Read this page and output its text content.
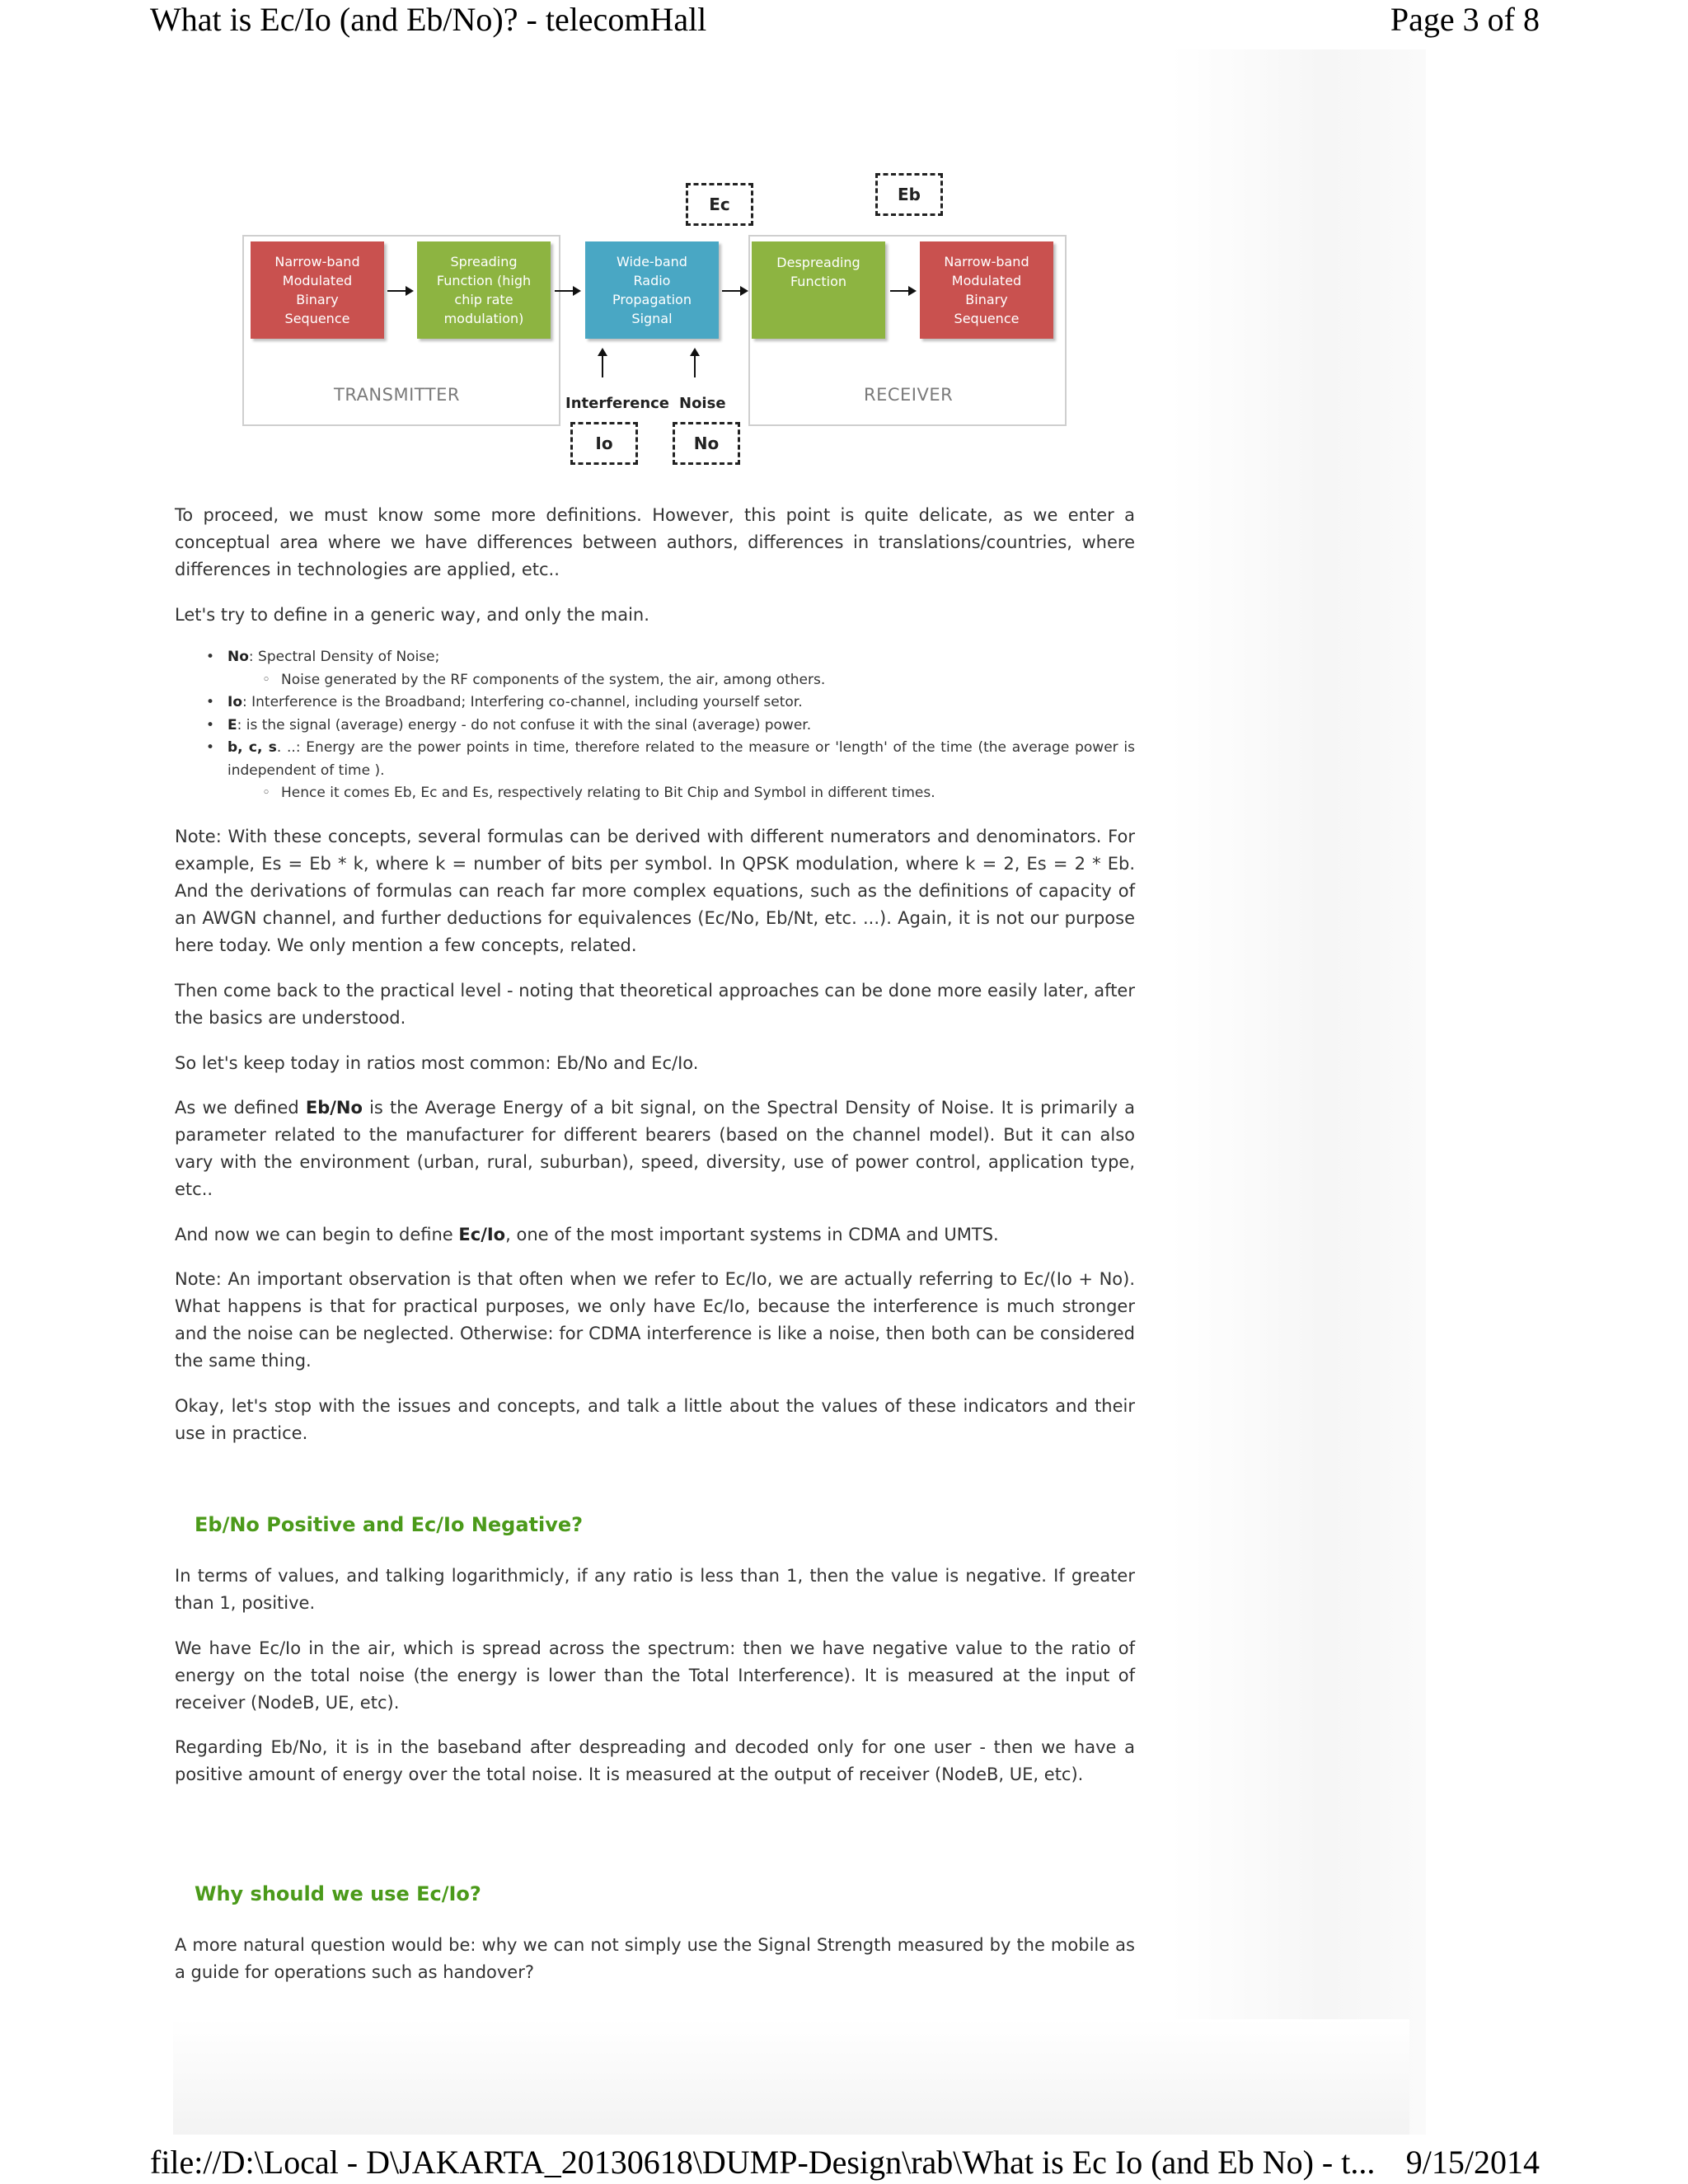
What is Ec/Io (and Eb/No)? - telecomHall	Page 3 of 8
TRANSMITTER	RECEIVER
Narrow-band
Modulated
Binary
Sequence
Spreading
Function (high
chip rate
modulation)
Wide-band
Radio
Propagation
Signal
Despreading
Function
Narrow-band
Modulated
Binary
Sequence
Interference Noise
Ec	Eb
Io	No

To proceed, we must know some more definitions. However, this point is quite delicate, as we enter a conceptual area where we have differences between authors, differences in translations/countries, where differences in technologies are applied, etc..

Let's try to define in a generic way, and only the main.

• No: Spectral Density of Noise;
◦ Noise generated by the RF components of the system, the air, among others.
• Io: Interference is the Broadband; Interfering co-channel, including yourself setor.
• E: is the signal (average) energy - do not confuse it with the sinal (average) power.
• b, c, s. ..: Energy are the power points in time, therefore related to the measure or 'length' of the time (the average power is independent of time ).
◦ Hence it comes Eb, Ec and Es, respectively relating to Bit Chip and Symbol in different times.

Note: With these concepts, several formulas can be derived with different numerators and denominators. For example, Es = Eb * k, where k = number of bits per symbol. In QPSK modulation, where k = 2, Es = 2 * Eb. And the derivations of formulas can reach far more complex equations, such as the definitions of capacity of an AWGN channel, and further deductions for equivalences (Ec/No, Eb/Nt, etc. ...). Again, it is not our purpose here today. We only mention a few concepts, related.

Then come back to the practical level - noting that theoretical approaches can be done more easily later, after the basics are understood.

So let's keep today in ratios most common: Eb/No and Ec/Io.

As we defined Eb/No is the Average Energy of a bit signal, on the Spectral Density of Noise. It is primarily a parameter related to the manufacturer for different bearers (based on the channel model). But it can also vary with the environment (urban, rural, suburban), speed, diversity, use of power control, application type, etc..

And now we can begin to define Ec/Io, one of the most important systems in CDMA and UMTS.

Note: An important observation is that often when we refer to Ec/Io, we are actually referring to Ec/(Io + No). What happens is that for practical purposes, we only have Ec/Io, because the interference is much stronger and the noise can be neglected. Otherwise: for CDMA interference is like a noise, then both can be considered the same thing.

Okay, let's stop with the issues and concepts, and talk a little about the values of these indicators and their use in practice.

Eb/No Positive and Ec/Io Negative?

In terms of values, and talking logarithmicly, if any ratio is less than 1, then the value is negative. If greater than 1, positive.

We have Ec/Io in the air, which is spread across the spectrum: then we have negative value to the ratio of energy on the total noise (the energy is lower than the Total Interference). It is measured at the input of receiver (NodeB, UE, etc).

Regarding Eb/No, it is in the baseband after despreading and decoded only for one user - then we have a positive amount of energy over the total noise. It is measured at the output of receiver (NodeB, UE, etc).

Why should we use Ec/Io?

A more natural question would be: why we can not simply use the Signal Strength measured by the mobile as a guide for operations such as handover?

file://D:\Local - D\JAKARTA_20130618\DUMP-Design\rab\What is Ec Io (and Eb No) - t... 9/15/2014
